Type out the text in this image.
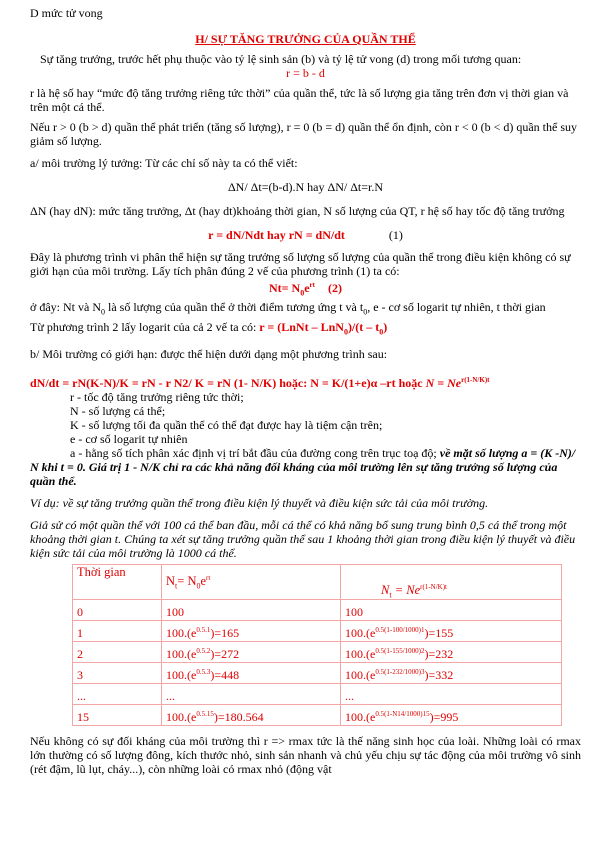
D mức tử vong

H/ SỰ TĂNG TRƯỞNG CỦA QUẦN THỂ

Sự tăng trưởng, trước hết phụ thuộc vào tỷ lệ sinh sản (b) và tỷ lệ tử vong (d) trong mối tương quan:

r = b - d

r là hệ số hay “mức độ tăng trưởng riêng tức thời” của quần thể, tức là số lượng gia tăng trên đơn vị thời gian và trên một cá thể.

Nếu r > 0 (b > d) quần thể phát triển (tăng số lượng), r = 0 (b = d) quần thể ổn định, còn r < 0 (b < d) quần thể suy giảm số lượng.

a/ môi trường lý tưởng: Từ các chỉ số này ta có thể viết:

ΔN/ Δt=(b-d).N hay ΔN/ Δt=r.N

ΔN (hay dN): mức tăng trưởng, Δt (hay dt)khoảng thời gian, N số lượng của QT, r hệ số hay tốc độ tăng trưởng

r = dN/Ndt hay rN = dN/dt	(1)

Đây là phương trình vi phân thể hiện sự tăng trưởng số lượng số lượng của quần thể trong điều kiện không có sự giới hạn của môi trường. Lấy tích phân đúng 2 vế của phương trình (1) ta có:

$Nt= N_0e^{rt}$ (2)

ở đây: Nt và $N_0$ là số lượng của quần thể ở thời điểm tương ứng t và $t_0$, e - cơ số logarit tự nhiên, t thời gian

Từ phương trình 2 lấy logarit của cả 2 vế ta có: r = (LnNt – $LnN_0)/(t - t_0)$

b/ Môi trường có giới hạn: được thể hiện dưới dạng một phương trình sau:

dN/dt = rN(K-N)/K = rN - r N2/ K = rN (1- N/K) hoặc: N = K/(1+e)α –rt hoặc $N = Ne^{r(1-N/K)t}$

r - tốc độ tăng trưởng riêng tức thời;

N - số lượng cá thể;

K - số lượng tối đa quần thể có thể đạt được hay là tiệm cận trên;

e - cơ số logarit tự nhiên

a - hằng số tích phân xác định vị trí bắt đầu của đường cong trên trục toạ độ; về mặt số lượng a = (K -N)/ N khi t = 0. Giá trị 1 - N/K chỉ ra các khả năng đối kháng của môi trường lên sự tăng trưởng số lượng của quần thể.

Ví dụ: về sự tăng trưởng quần thể trong điều kiện lý thuyết và điều kiện sức tải của môi trường.

Giả sử có một quần thể với 100 cá thể ban đầu, mỗi cá thể có khả năng bổ sung trung bình 0,5 cá thể trong một khoảng thời gian t. Chúng ta xét sự tăng trưởng quần thể sau 1 khoảng thời gian trong điều kiện lý thuyết và điều kiện sức tải của môi trường là 1000 cá thể.

Thời gian	$N_t= N_0e^{rt}$	$N_t = Ne^{r(1-N/K)t}$
0	100	100
1	$100.(e^{0.5.1})=165$	$100.(e^{0.5(1-100/1000)1})=155$
2	$100.(e^{0.5.2})=272$	$100.(e^{0.5(1-155/1000)2})=232$
3	$100.(e^{0.5.3})=448$	$100.(e^{0.5(1-232/1000)3})=332$
...	...	...
15	$100.(e^{0.5.15})=180.564$	$100.(e^{0.5(1-N14/1000)15})=995$

Nếu không có sự đối kháng của môi trường thì r => rmax tức là thế năng sinh học của loài. Những loài có rmax lớn thường có số lượng đông, kích thước nhỏ, sinh sản nhanh và chủ yếu chịu sự tác động của môi trường vô sinh (rét đậm, lũ lụt, cháy...), còn những loài có rmax nhỏ (động vật
